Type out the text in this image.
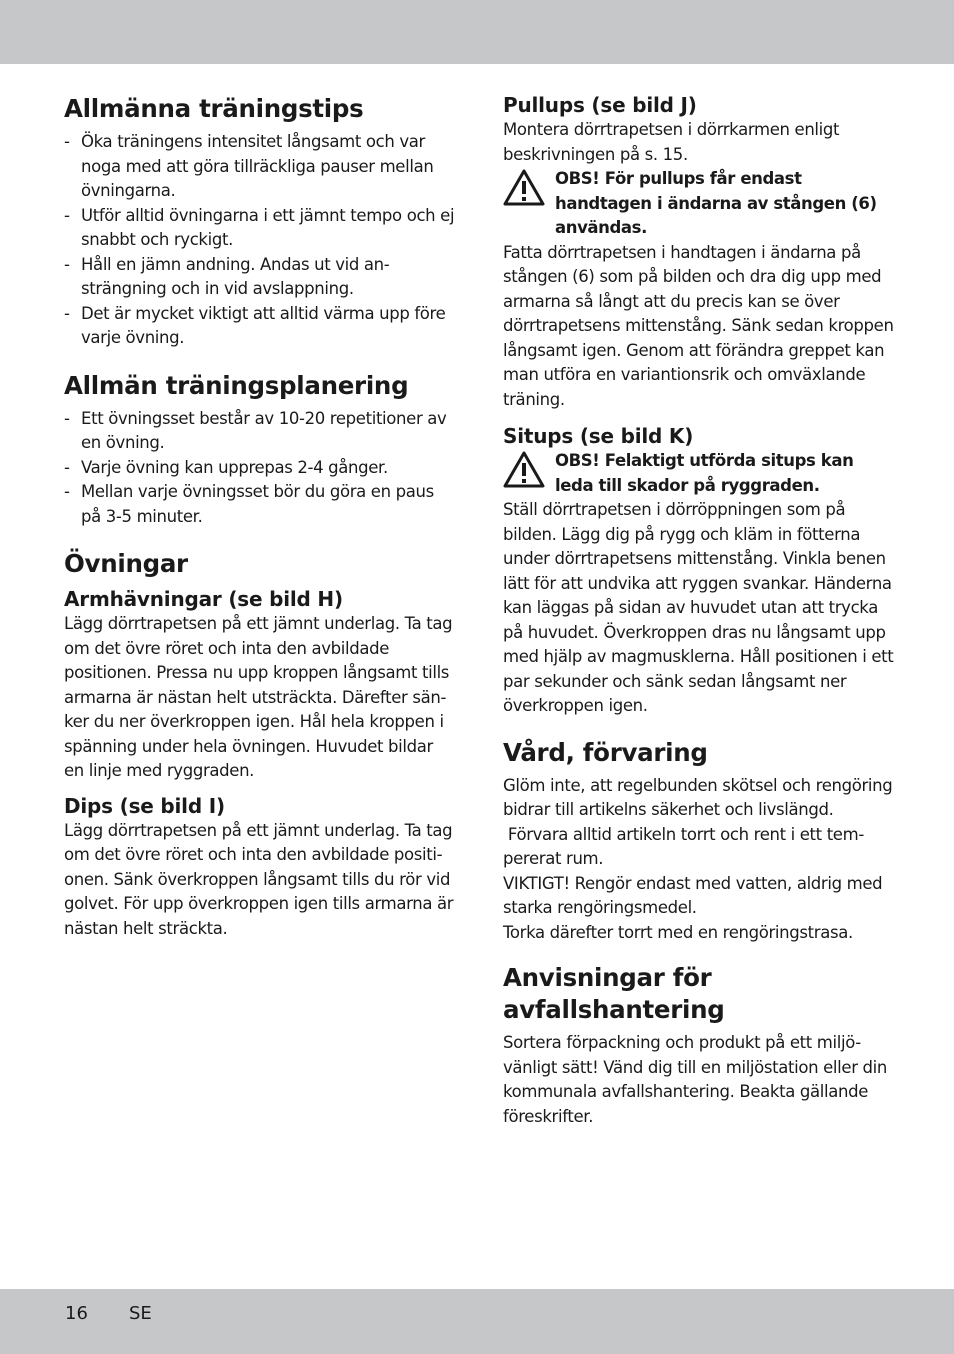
Allmänna träningstips
- Öka träningens intensitet långsamt och var noga med att göra tillräckliga pauser mellan övningarna.
- Utför alltid övningarna i ett jämnt tempo och ej snabbt och ryckigt.
- Håll en jämn andning. Andas ut vid an-strängning och in vid avslappning.
- Det är mycket viktigt att alltid värma upp före varje övning.
Allmän träningsplanering
- Ett övningsset består av 10-20 repetitioner av en övning.
- Varje övning kan upprepas 2-4 gånger.
- Mellan varje övningsset bör du göra en paus på 3-5 minuter.
Övningar
Armhävningar (se bild H)

Lägg dörrtrapetsen på ett jämnt underlag. Ta tag om det övre röret och inta den avbildade positionen. Pressa nu upp kroppen långsamt tills armarna är nästan helt utsträckta. Därefter sän-ker du ner överkroppen igen. Hål hela kroppen i spänning under hela övningen. Huvudet bildar en linje med ryggraden.

Dips (se bild I)

Lägg dörrtrapetsen på ett jämnt underlag. Ta tag om det övre röret och inta den avbildade positi-onen. Sänk överkroppen långsamt tills du rör vid golvet. För upp överkroppen igen tills armarna är nästan helt sträckta.

Pullups (se bild J)

Montera dörrtrapetsen i dörrkarmen enligt beskrivningen på s. 15.

OBS! För pullups får endast handtagen i ändarna av stången (6) användas.

Fatta dörrtrapetsen i handtagen i ändarna på stången (6) som på bilden och dra dig upp med armarna så långt att du precis kan se över dörrtrapetsens mittenstång. Sänk sedan kroppen långsamt igen. Genom att förändra greppet kan man utföra en variantionsrik och omväxlande träning.

Situps (se bild K)
OBS! Felaktigt utförda situps kan leda till skador på ryggraden.

Ställ dörrtrapetsen i dörröppningen som på bilden. Lägg dig på rygg och kläm in fötterna under dörrtrapetsens mittenstång. Vinkla benen lätt för att undvika att ryggen svankar. Händerna kan läggas på sidan av huvudet utan att trycka på huvudet. Överkroppen dras nu långsamt upp med hjälp av magmusklerna. Håll positionen i ett par sekunder och sänk sedan långsamt ner överkroppen igen.

Vård, förvaring

Glöm inte, att regelbunden skötsel och rengöring bidrar till artikelns säkerhet och livslängd.

Förvara alltid artikeln torrt och rent i ett tem-pererat rum.

VIKTIGT! Rengör endast med vatten, aldrig med starka rengöringsmedel.

Torka därefter torrt med en rengöringstrasa.

Anvisningar för avfallshantering

Sortera förpackning och produkt på ett miljö-vänligt sätt! Vänd dig till en miljöstation eller din kommunala avfallshantering. Beakta gällande föreskrifter.

16 SE
